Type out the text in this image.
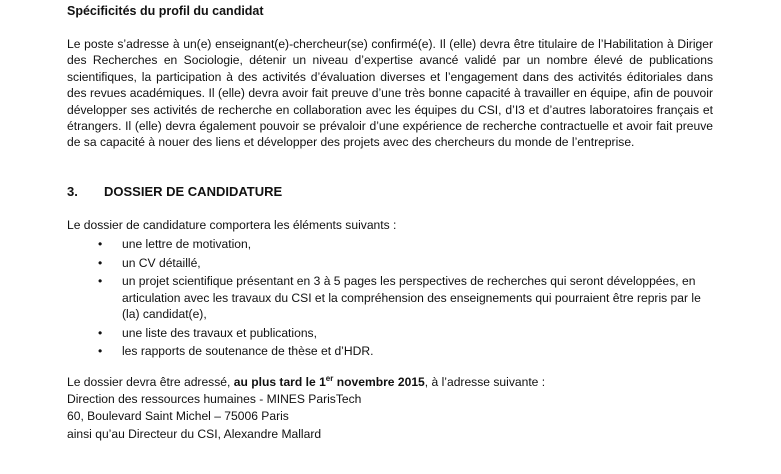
Spécificités du profil du candidat

Le poste s’adresse à un(e) enseignant(e)-chercheur(se) confirmé(e). Il (elle) devra être titulaire de l’Habilitation à Diriger des Recherches en Sociologie, détenir un niveau d’expertise avancé validé par un nombre élevé de publications scientifiques, la participation à des activités d’évaluation diverses et l’engagement dans des activités éditoriales dans des revues académiques. Il (elle) devra avoir fait preuve d’une très bonne capacité à travailler en équipe, afin de pouvoir développer ses activités de recherche en collaboration avec les équipes du CSI, d’I3 et d’autres laboratoires français et étrangers. Il (elle) devra également pouvoir se prévaloir d’une expérience de recherche contractuelle et avoir fait preuve de sa capacité à nouer des liens et développer des projets avec des chercheurs du monde de l’entreprise.

3. DOSSIER DE CANDIDATURE
Le dossier de candidature comportera les éléments suivants :
• une lettre de motivation,
• un CV détaillé,
• un projet scientifique présentant en 3 à 5 pages les perspectives de recherches qui seront développées, en articulation avec les travaux du CSI et la compréhension des enseignements qui pourraient être repris par le (la) candidat(e),
• une liste des travaux et publications,
• les rapports de soutenance de thèse et d’HDR.
Le dossier devra être adressé, au plus tard le 1er novembre 2015, à l’adresse suivante :
Direction des ressources humaines - MINES ParisTech
60, Boulevard Saint Michel – 75006 Paris
ainsi qu’au Directeur du CSI, Alexandre Mallard
